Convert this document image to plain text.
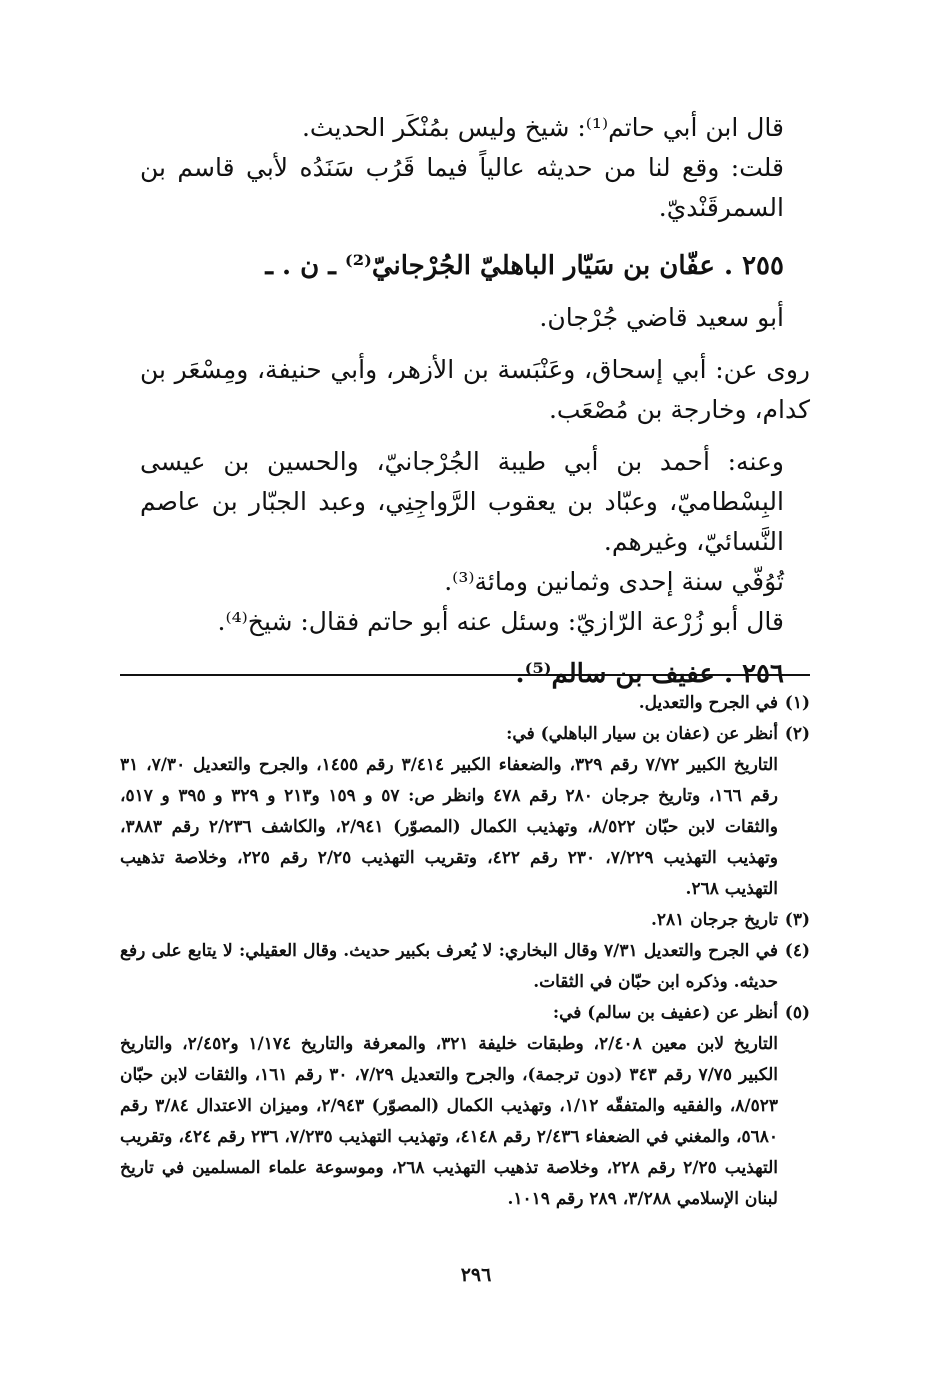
قال ابن أبي حاتم⁽¹⁾: شيخ وليس بمُنْكَر الحديث.

قلت: وقع لنا من حديثه عالياً فيما قَرُب سَنَدُه لأبي قاسم بن السمرقَنْديّ.

٢٥٥ . عفّان بن سَيّار الباهليّ الجُرْجانيّ⁽²⁾ ـ ن . ـ

أبو سعيد قاضي جُرْجان.

روى عن: أبي إسحاق، وعَنْبَسة بن الأزهر، وأبي حنيفة، ومِسْعَر بن كدام، وخارجة بن مُصْعَب.

وعنه: أحمد بن أبي طيبة الجُرْجانيّ، والحسين بن عيسى البِسْطاميّ، وعبّاد بن يعقوب الرَّواجِنِي، وعبد الجبّار بن عاصم النَّسائيّ، وغيرهم.

تُوُفّي سنة إحدى وثمانين ومائة⁽³⁾.

قال أبو زُرْعة الرّازيّ: وسئل عنه أبو حاتم فقال: شيخ⁽⁴⁾.

٢٥٦ . عفيف بن سالم⁽⁵⁾.
(١)
في الجرح والتعديل.
(٢)
أنظر عن (عفان بن سيار الباهلي) في:
التاريخ الكبير ٧/٧٢ رقم ٣٢٩، والضعفاء الكبير ٣/٤١٤ رقم ١٤٥٥، والجرح والتعديل ٧/٣٠، ٣١ رقم ١٦٦، وتاريخ جرجان ٢٨٠ رقم ٤٧٨ وانظر ص: ٥٧ و ١٥٩ و٢١٣ و ٣٢٩ و ٣٩٥ و ٥١٧، والثقات لابن حبّان ٨/٥٢٢، وتهذيب الكمال (المصوّر) ٢/٩٤١، والكاشف ٢/٢٣٦ رقم ٣٨٨٣، وتهذيب التهذيب ٧/٢٢٩، ٢٣٠ رقم ٤٢٢، وتقريب التهذيب ٢/٢٥ رقم ٢٢٥، وخلاصة تذهيب التهذيب ٢٦٨.
(٣)
تاريخ جرجان ٢٨١.
(٤)
في الجرح والتعديل ٧/٣١ وقال البخاري: لا يُعرف بكبير حديث. وقال العقيلي: لا يتابع على رفع حديثه. وذكره ابن حبّان في الثقات.
(٥)
أنظر عن (عفيف بن سالم) في:
التاريخ لابن معين ٢/٤٠٨، وطبقات خليفة ٣٢١، والمعرفة والتاريخ ١/١٧٤ و٢/٤٥٢، والتاريخ الكبير ٧/٧٥ رقم ٣٤٣ (دون ترجمة)، والجرح والتعديل ٧/٢٩، ٣٠ رقم ١٦١، والثقات لابن حبّان ٨/٥٢٣، والفقيه والمتفقّه ١/١٢، وتهذيب الكمال (المصوّر) ٢/٩٤٣، وميزان الاعتدال ٣/٨٤ رقم ٥٦٨٠، والمغني في الضعفاء ٢/٤٣٦ رقم ٤١٤٨، وتهذيب التهذيب ٧/٢٣٥، ٢٣٦ رقم ٤٢٤، وتقريب التهذيب ٢/٢٥ رقم ٢٢٨، وخلاصة تذهيب التهذيب ٢٦٨، وموسوعة علماء المسلمين في تاريخ لبنان الإسلامي ٣/٢٨٨، ٢٨٩ رقم ١٠١٩.
٢٩٦
